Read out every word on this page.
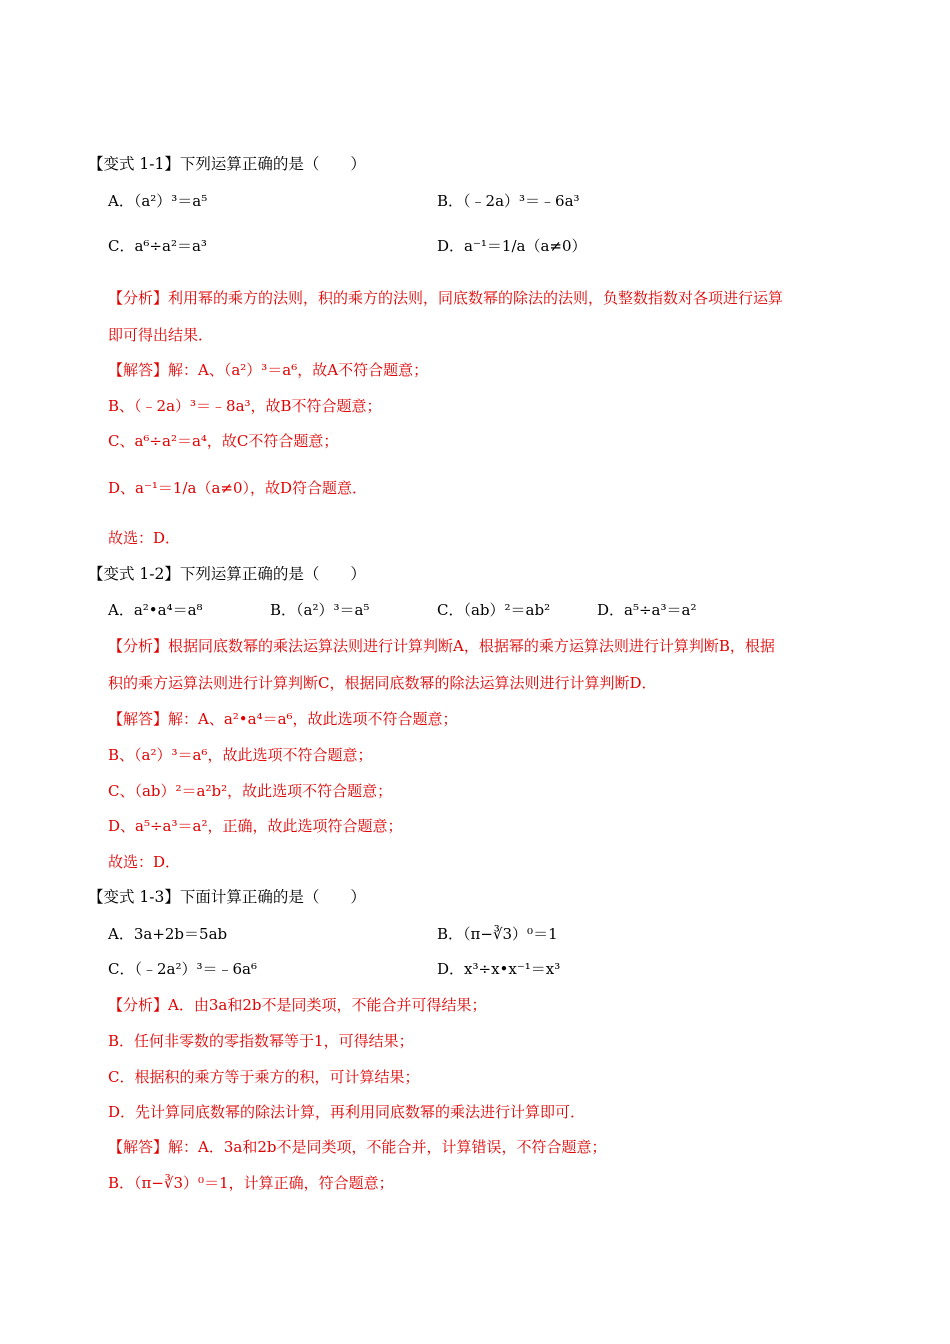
【变式 1-1】下列运算正确的是（　　）
A．（a²）³＝a⁵	B．（﹣2a）³＝﹣6a³
C．a⁶÷a²＝a³	D．a⁻¹＝1/a（a≠0）
【分析】利用幂的乘方的法则，积的乘方的法则，同底数幂的除法的法则，负整数指数对各项进行运算
即可得出结果．
【解答】解：A、（a²）³＝a⁶，故A不符合题意；
B、（﹣2a）³＝﹣8a³，故B不符合题意；
C、a⁶÷a²＝a⁴，故C不符合题意；
D、a⁻¹＝1/a（a≠0），故D符合题意．
故选：D．
【变式 1-2】下列运算正确的是（　　）
A．a²•a⁴＝a⁸	B．（a²）³＝a⁵	C．（ab）²＝ab²	D．a⁵÷a³＝a²
【分析】根据同底数幂的乘法运算法则进行计算判断A，根据幂的乘方运算法则进行计算判断B，根据
积的乘方运算法则进行计算判断C，根据同底数幂的除法运算法则进行计算判断D．
【解答】解：A、a²•a⁴＝a⁶，故此选项不符合题意；
B、（a²）³＝a⁶，故此选项不符合题意；
C、（ab）²＝a²b²，故此选项不符合题意；
D、a⁵÷a³＝a²，正确，故此选项符合题意；
故选：D．
【变式 1-3】下面计算正确的是（　　）
A．3a+2b＝5ab	B．（π−∛3）⁰＝1
C．（﹣2a²）³＝﹣6a⁶	D．x³÷x•x⁻¹＝x³
【分析】A．由3a和2b不是同类项，不能合并可得结果；
B．任何非零数的零指数幂等于1，可得结果；
C．根据积的乘方等于乘方的积，可计算结果；
D．先计算同底数幂的除法计算，再利用同底数幂的乘法进行计算即可．
【解答】解：A．3a和2b不是同类项，不能合并，计算错误，不符合题意；
B．（π−∛3）⁰＝1，计算正确，符合题意；
